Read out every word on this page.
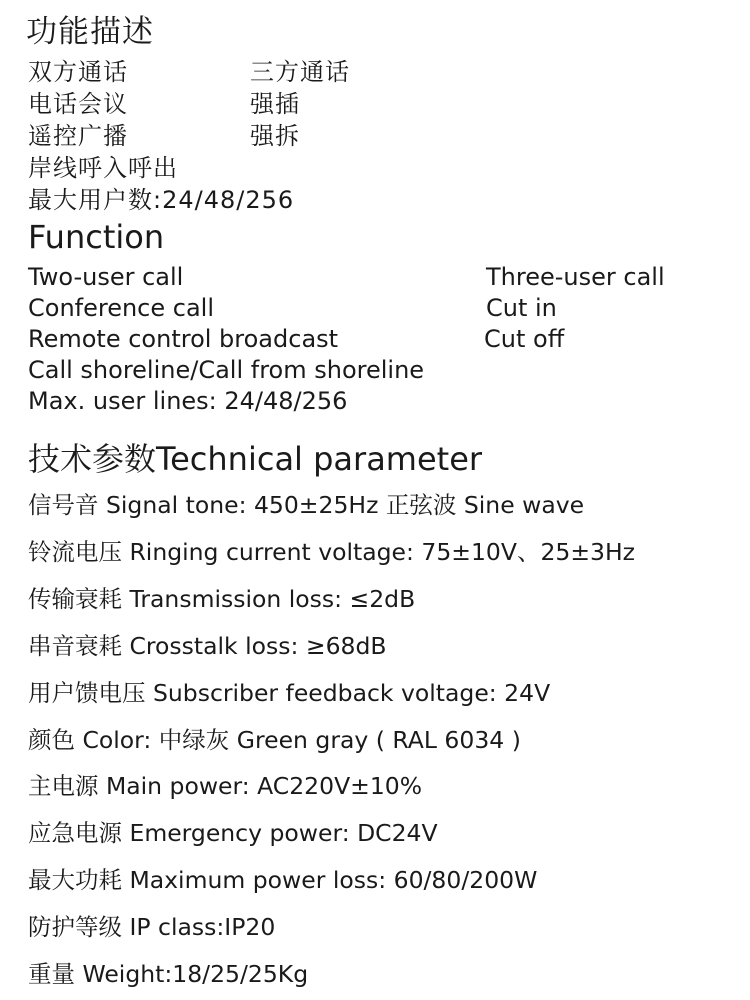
功能描述
双方通话	三方通话
电话会议	强插
遥控广播	强拆
岸线呼入呼出
最大用户数:24/48/256
Function
Two-user call	Three-user call
Conference call	Cut in
Remote control broadcast	Cut off
Call shoreline/Call from shoreline
Max. user lines: 24/48/256
技术参数Technical parameter
信号音 Signal tone: 450±25Hz 正弦波 Sine wave
铃流电压 Ringing current voltage: 75±10V、25±3Hz
传输衰耗 Transmission loss: ≤2dB
串音衰耗 Crosstalk loss: ≥68dB
用户馈电压 Subscriber feedback voltage: 24V
颜色 Color: 中绿灰 Green gray ( RAL 6034 )
主电源 Main power: AC220V±10%
应急电源 Emergency power: DC24V
最大功耗 Maximum power loss: 60/80/200W
防护等级 IP class:IP20
重量 Weight:18/25/25Kg
